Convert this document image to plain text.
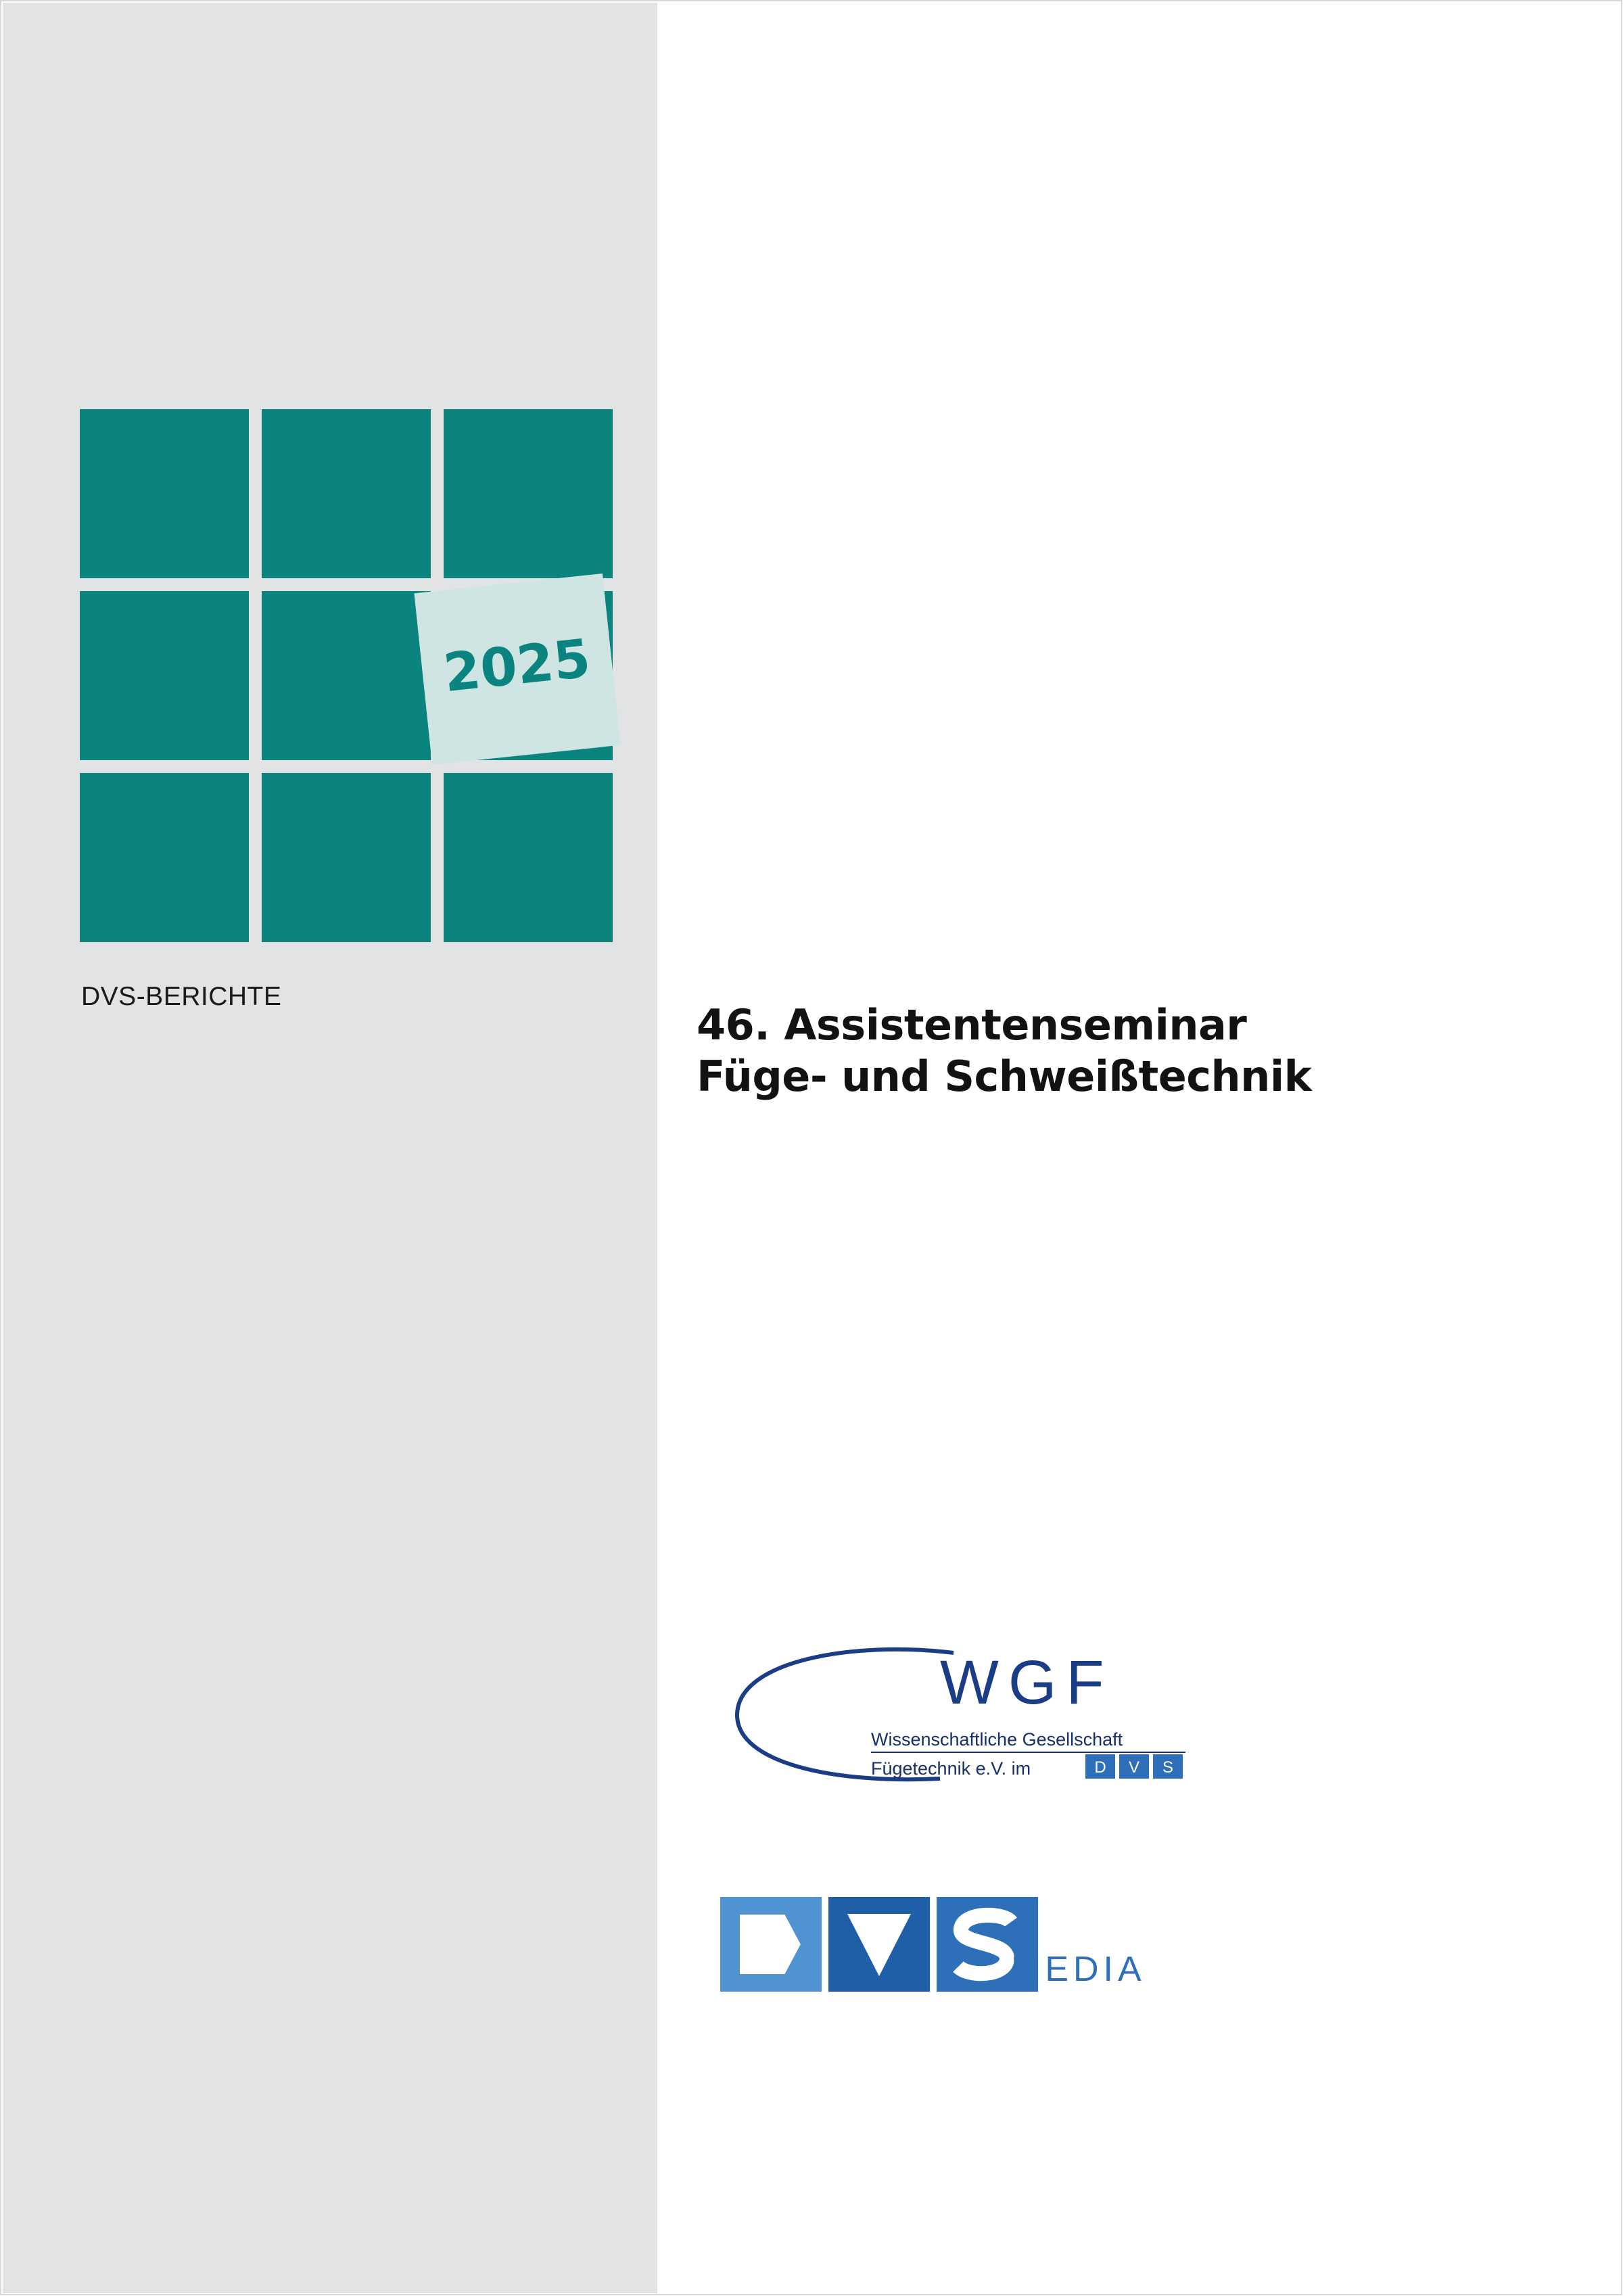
2025
DVS-BERICHTE
46. Assistentenseminar
Füge- und Schweißtechnik
WGF
Wissenschaftliche Gesellschaft
Fügetechnik e.V. im	D V S
MEDIA
